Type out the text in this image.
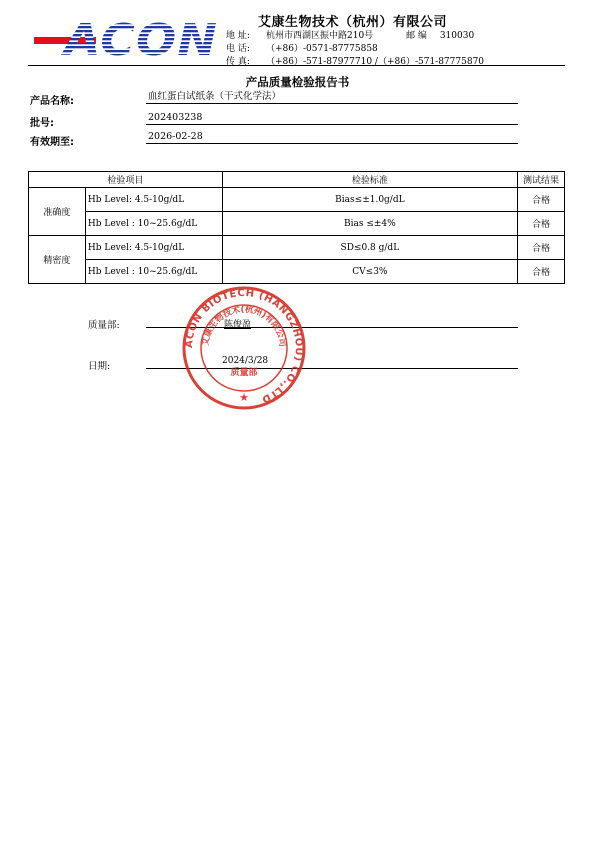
ACON	艾康生物技术（杭州）有限公司
地 址: 杭州市西湖区振中路210号	邮 编 310030
电 话: （+86）-0571-87775858
传 真: （+86）-571-87977710 /（+86）-571-87775870
产品质量检验报告书
产品名称:	血红蛋白试纸条（干式化学法）
批号:
202403238
有效期至:
2026-02-28
检验项目		检验标准	测试结果
准确度	Hb Level: 4.5-10g/dL	Bias≤±1.0g/dL	合格
	Hb Level : 10~25.6g/dL	Bias ≤±4%	合格
精密度	Hb Level: 4.5-10g/dL	SD≤0.8 g/dL	合格
	Hb Level : 10~25.6g/dL	CV≤3%	合格
质量部:	陈俊盈
日期:	2024/3/28
ACON BIOTECH (HANGZHOU) CO.,LTD
艾康生物技术(杭州)有限公司
质量部
★
